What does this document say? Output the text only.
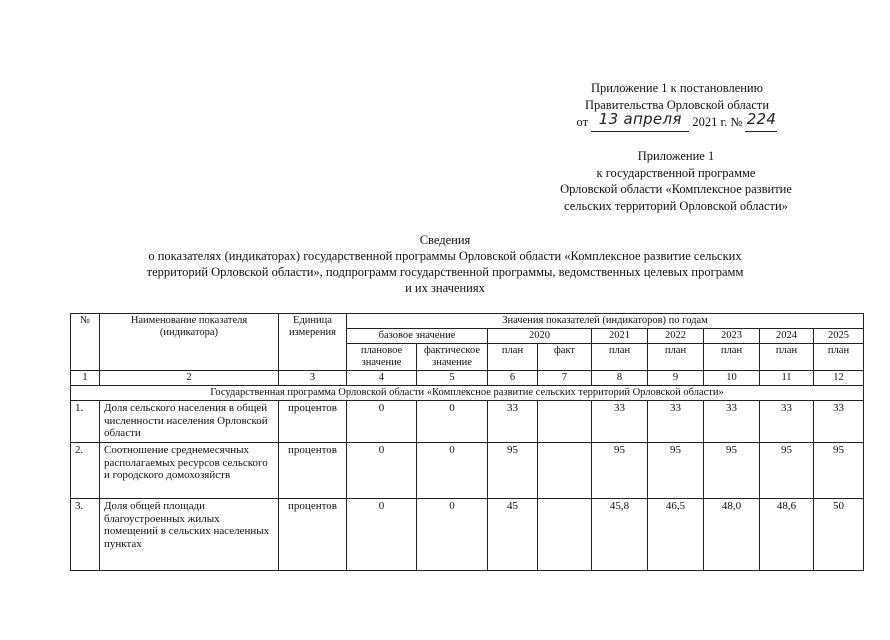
Приложение 1 к постановлению
Правительства Орловской области
от 13 апреля 2021 г. № 224
Приложение 1
к государственной программе
Орловской области «Комплексное развитие
сельских территорий Орловской области»
Сведения
о показателях (индикаторах) государственной программы Орловской области «Комплексное развитие сельских
территорий Орловской области», подпрограмм государственной программы, ведомственных целевых программ
и их значениях
№	Наименование показателя (индикатора)	Единица измерения	Значения показателей (индикаторов) по годам								
			базовое значение		2020		2021	2022	2023	2024	2025
			плановое значение	фактическое значение	план	факт	план	план	план	план	план
1	2	3	4	5	6	7	8	9	10	11	12
Государственная программа Орловской области «Комплексное развитие сельских территорий Орловской области»											
1.	Доля сельского населения в общей численности населения Орловской области	процентов	0	0	33		33	33	33	33	33
2.	Соотношение среднемесячных располагаемых ресурсов сельского и городского домохозяйств	процентов	0	0	95		95	95	95	95	95
3.	Доля общей площади благоустроенных жилых помещений в сельских населенных пунктах	процентов	0	0	45		45,8	46,5	48,0	48,6	50
